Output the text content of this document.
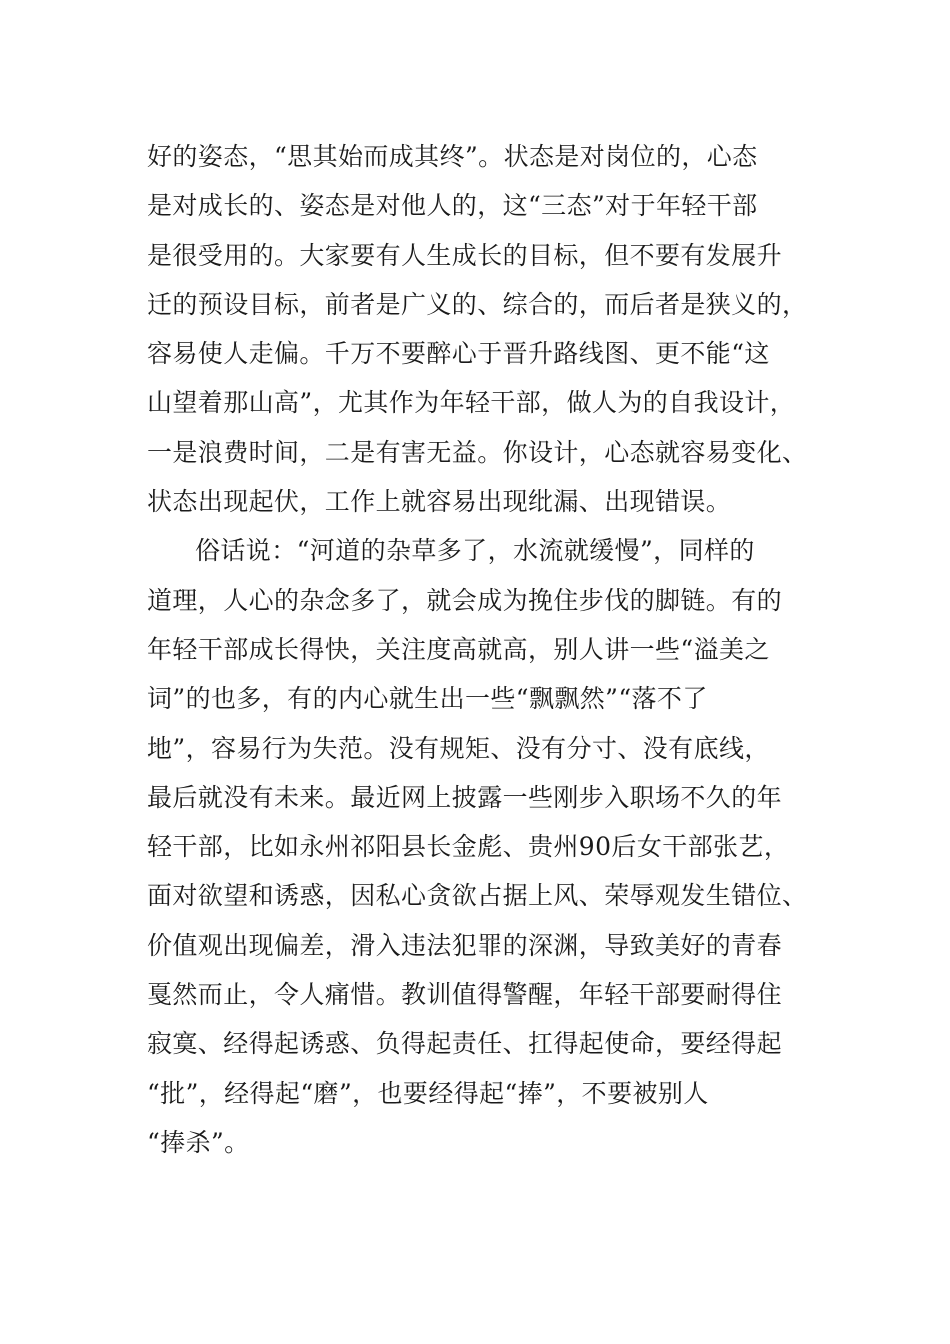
好的姿态，“思其始而成其终”。状态是对岗位的，心态
是对成长的、姿态是对他人的，这“三态”对于年轻干部
是很受用的。大家要有人生成长的目标，但不要有发展升
迁的预设目标，前者是广义的、综合的，而后者是狭义的，
容易使人走偏。千万不要醉心于晋升路线图、更不能“这
山望着那山高”，尤其作为年轻干部，做人为的自我设计，
一是浪费时间，二是有害无益。你设计，心态就容易变化、
状态出现起伏，工作上就容易出现纰漏、出现错误。
俗话说：“河道的杂草多了，水流就缓慢”，同样的
道理，人心的杂念多了，就会成为挽住步伐的脚链。有的
年轻干部成长得快，关注度高就高，别人讲一些“溢美之
词”的也多，有的内心就生出一些“飘飘然”“落不了
地”，容易行为失范。没有规矩、没有分寸、没有底线，
最后就没有未来。最近网上披露一些刚步入职场不久的年
轻干部，比如永州祁阳县长金彪、贵州90后女干部张艺，
面对欲望和诱惑，因私心贪欲占据上风、荣辱观发生错位、
价值观出现偏差，滑入违法犯罪的深渊，导致美好的青春
戛然而止，令人痛惜。教训值得警醒，年轻干部要耐得住
寂寞、经得起诱惑、负得起责任、扛得起使命，要经得起
“批”，经得起“磨”，也要经得起“捧”，不要被别人
“捧杀”。
